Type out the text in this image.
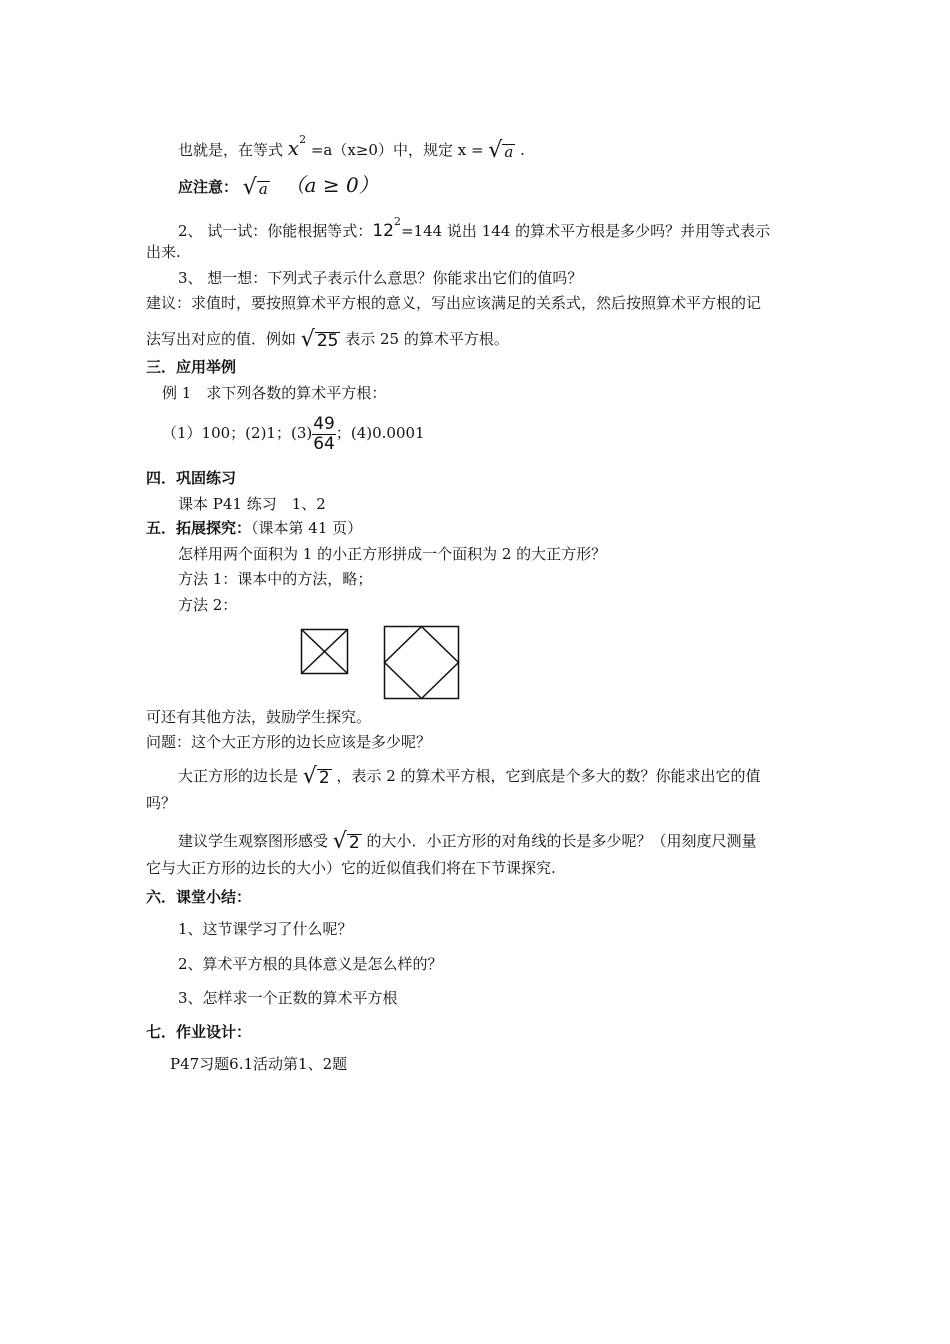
也就是，在等式 $x^2 =a(x\ge 0)$中，规定 x = √ a .
应注意： √ a （a ≥ 0）
2、 试一试：你能根据等式：$12^2=144$ 说出 144 的算术平方根是多少吗？并用等式表示
出来.
3、 想一想：下列式子表示什么意思？你能求出它们的值吗？
建议：求值时，要按照算术平方根的意义，写出应该满足的关系式，然后按照算术平方根的记
法写出对应的值．例如 √ 25 表示 25 的算术平方根。
三．应用举例
例 1　求下列各数的算术平方根：
（1）100；(2)1；$(3) \frac{49}{64}$ ；(4)0.0001
四．巩固练习
课本 P41 练习　1、2
五．拓展探究：（课本第 41 页）
怎样用两个面积为 1 的小正方形拼成一个面积为 2 的大正方形？
方法 1：课本中的方法，略；
方法 2：
可还有其他方法，鼓励学生探究。
问题：这个大正方形的边长应该是多少呢？
大正方形的边长是 √ 2 ，表示 2 的算术平方根，它到底是个多大的数？你能求出它的值
吗？
建议学生观察图形感受 √ 2 的大小．小正方形的对角线的长是多少呢？（用刻度尺测量
它与大正方形的边长的大小）它的近似值我们将在下节课探究.
六．课堂小结：
1、这节课学习了什么呢？
2、算术平方根的具体意义是怎么样的？
3、怎样求一个正数的算术平方根
七．作业设计：
P47习题6.1活动第1、2题
